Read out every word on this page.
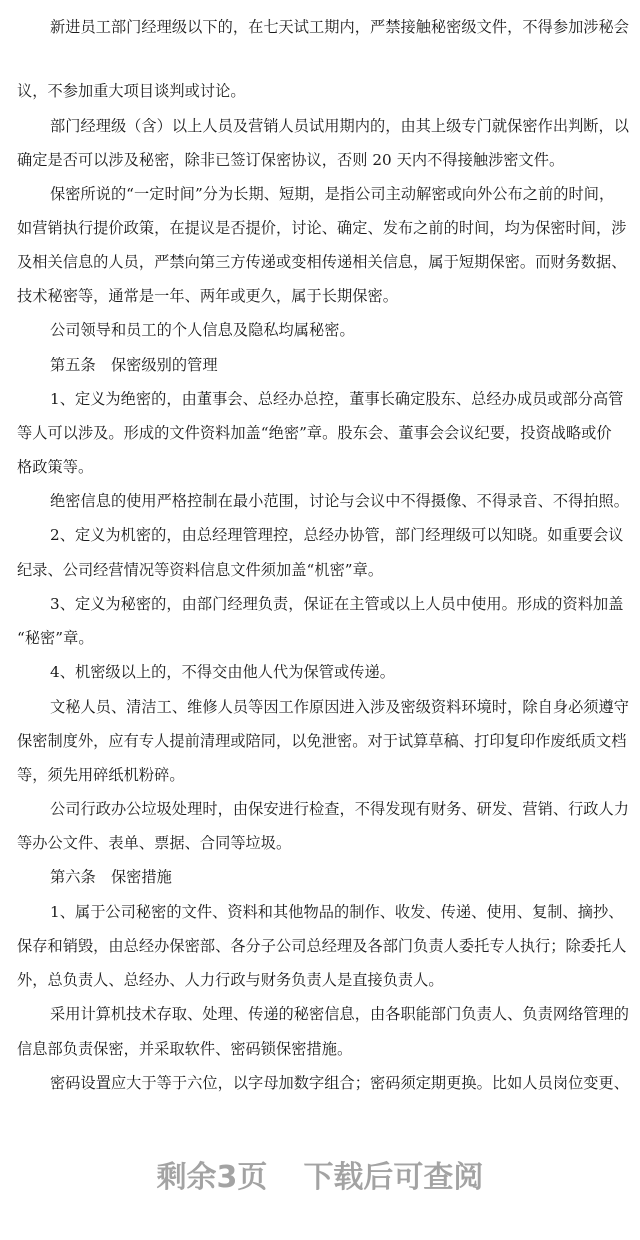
新进员工部门经理级以下的，在七天试工期内，严禁接触秘密级文件，不得参加涉秘会
议，不参加重大项目谈判或讨论。
部门经理级（含）以上人员及营销人员试用期内的，由其上级专门就保密作出判断，以
确定是否可以涉及秘密，除非已签订保密协议，否则 20 天内不得接触涉密文件。
保密所说的“一定时间”分为长期、短期，是指公司主动解密或向外公布之前的时间，
如营销执行提价政策，在提议是否提价，讨论、确定、发布之前的时间，均为保密时间，涉
及相关信息的人员，严禁向第三方传递或变相传递相关信息，属于短期保密。而财务数据、
技术秘密等，通常是一年、两年或更久，属于长期保密。
公司领导和员工的个人信息及隐私均属秘密。
第五条　保密级别的管理
1、定义为绝密的，由董事会、总经办总控，董事长确定股东、总经办成员或部分高管
等人可以涉及。形成的文件资料加盖“绝密”章。股东会、董事会会议纪要，投资战略或价
格政策等。
绝密信息的使用严格控制在最小范围，讨论与会议中不得摄像、不得录音、不得拍照。
2、定义为机密的，由总经理管理控，总经办协管，部门经理级可以知晓。如重要会议
纪录、公司经营情况等资料信息文件须加盖“机密”章。
3、定义为秘密的，由部门经理负责，保证在主管或以上人员中使用。形成的资料加盖
“秘密”章。
4、机密级以上的，不得交由他人代为保管或传递。
文秘人员、清洁工、维修人员等因工作原因进入涉及密级资料环境时，除自身必须遵守
保密制度外，应有专人提前清理或陪同，以免泄密。对于试算草稿、打印复印作废纸质文档
等，须先用碎纸机粉碎。
公司行政办公垃圾处理时，由保安进行检查，不得发现有财务、研发、营销、行政人力
等办公文件、表单、票据、合同等垃圾。
第六条　保密措施
1、属于公司秘密的文件、资料和其他物品的制作、收发、传递、使用、复制、摘抄、
保存和销毁，由总经办保密部、各分子公司总经理及各部门负责人委托专人执行；除委托人
外，总负责人、总经办、人力行政与财务负责人是直接负责人。
采用计算机技术存取、处理、传递的秘密信息，由各职能部门负责人、负责网络管理的
信息部负责保密，并采取软件、密码锁保密措施。
密码设置应大于等于六位，以字母加数字组合；密码须定期更换。比如人员岗位变更、
剩余3页 下载后可查阅
